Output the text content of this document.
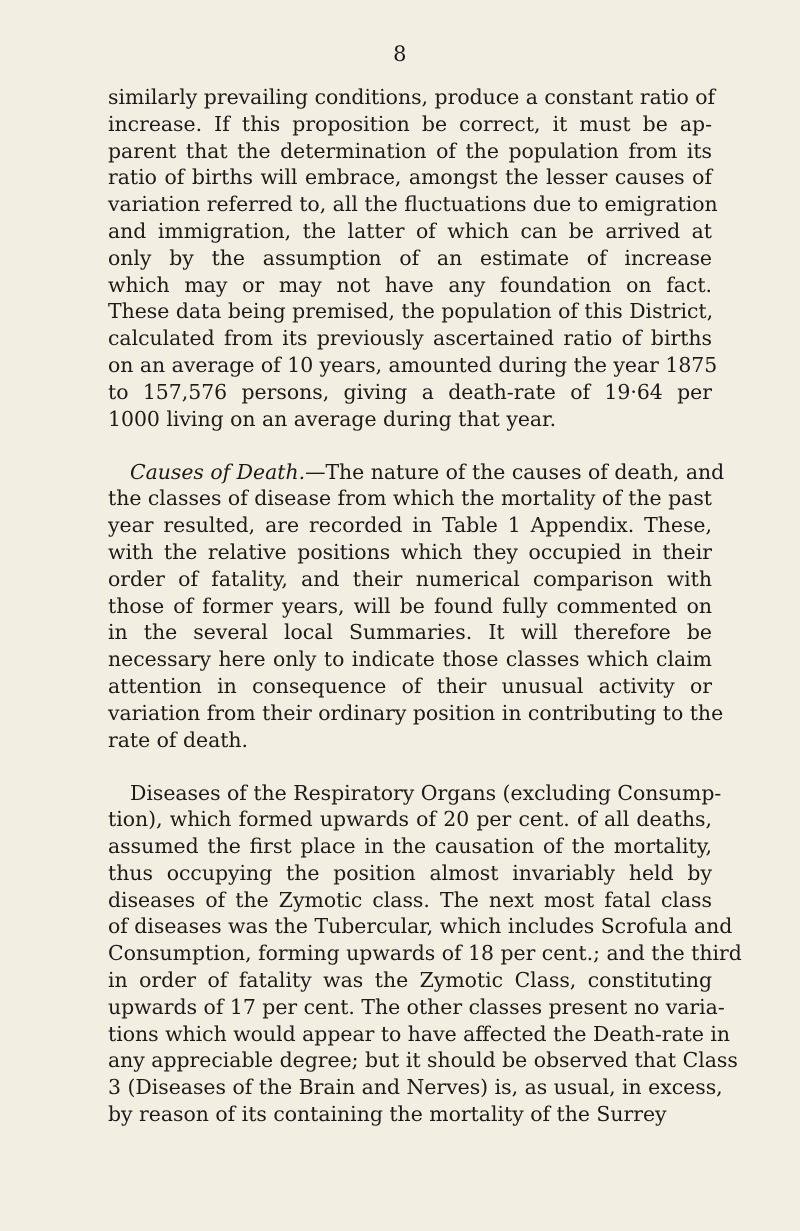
8

similarly prevailing conditions, produce a constant ratio of
increase. If this proposition be correct, it must be ap-
parent that the determination of the population from its
ratio of births will embrace, amongst the lesser causes of
variation referred to, all the fluctuations due to emigration
and immigration, the latter of which can be arrived at
only by the assumption of an estimate of increase
which may or may not have any foundation on fact.
These data being premised, the population of this District,
calculated from its previously ascertained ratio of births
on an average of 10 years, amounted during the year 1875
to 157,576 persons, giving a death-rate of 19·64 per
1000 living on an average during that year.

Causes of Death.—The nature of the causes of death, and
the classes of disease from which the mortality of the past
year resulted, are recorded in Table 1 Appendix. These,
with the relative positions which they occupied in their
order of fatality, and their numerical comparison with
those of former years, will be found fully commented on
in the several local Summaries. It will therefore be
necessary here only to indicate those classes which claim
attention in consequence of their unusual activity or
variation from their ordinary position in contributing to the
rate of death.

Diseases of the Respiratory Organs (excluding Consump-
tion), which formed upwards of 20 per cent. of all deaths,
assumed the first place in the causation of the mortality,
thus occupying the position almost invariably held by
diseases of the Zymotic class. The next most fatal class
of diseases was the Tubercular, which includes Scrofula and
Consumption, forming upwards of 18 per cent.; and the third
in order of fatality was the Zymotic Class, constituting
upwards of 17 per cent. The other classes present no varia-
tions which would appear to have affected the Death-rate in
any appreciable degree; but it should be observed that Class
3 (Diseases of the Brain and Nerves) is, as usual, in excess,
by reason of its containing the mortality of the Surrey
